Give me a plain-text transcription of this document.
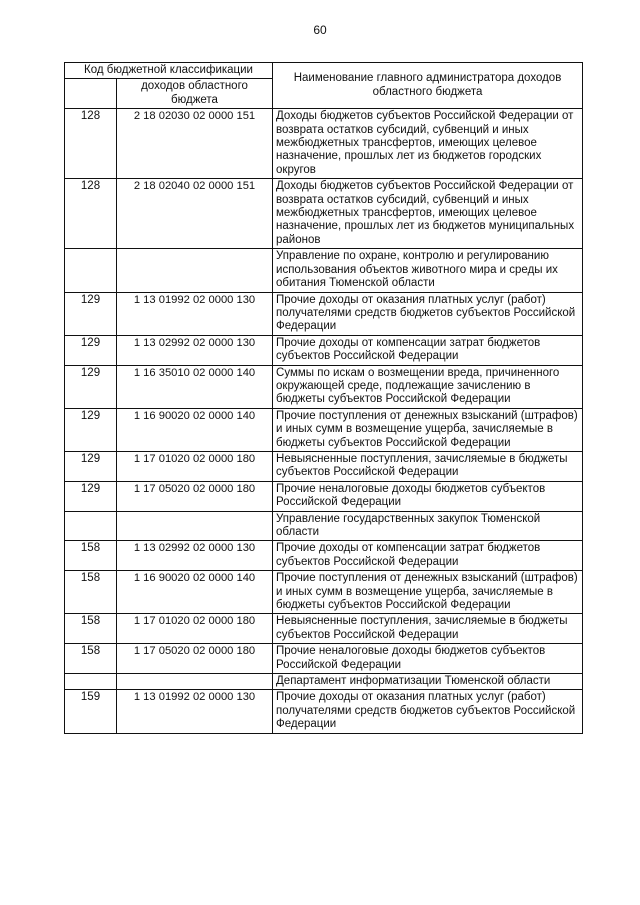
60
Код бюджетной классификации		Наименование главного администратора доходов областного бюджета
	доходов областного бюджета	
128	2 18 02030 02 0000 151	Доходы бюджетов субъектов Российской Федерации от возврата остатков субсидий, субвенций и иных межбюджетных трансфертов, имеющих целевое назначение, прошлых лет из бюджетов городских округов
128	2 18 02040 02 0000 151	Доходы бюджетов субъектов Российской Федерации от возврата остатков субсидий, субвенций и иных межбюджетных трансфертов, имеющих целевое назначение, прошлых лет из бюджетов муниципальных районов
		Управление по охране, контролю и регулированию использования объектов животного мира и среды их обитания Тюменской области
129	1 13 01992 02 0000 130	Прочие доходы от оказания платных услуг (работ) получателями средств бюджетов субъектов Российской Федерации
129	1 13 02992 02 0000 130	Прочие доходы от компенсации затрат бюджетов субъектов Российской Федерации
129	1 16 35010 02 0000 140	Суммы по искам о возмещении вреда, причиненного окружающей среде, подлежащие зачислению в бюджеты субъектов Российской Федерации
129	1 16 90020 02 0000 140	Прочие поступления от денежных взысканий (штрафов) и иных сумм в возмещение ущерба, зачисляемые в бюджеты субъектов Российской Федерации
129	1 17 01020 02 0000 180	Невыясненные поступления, зачисляемые в бюджеты субъектов Российской Федерации
129	1 17 05020 02 0000 180	Прочие неналоговые доходы бюджетов субъектов Российской Федерации
		Управление государственных закупок Тюменской области
158	1 13 02992 02 0000 130	Прочие доходы от компенсации затрат бюджетов субъектов Российской Федерации
158	1 16 90020 02 0000 140	Прочие поступления от денежных взысканий (штрафов) и иных сумм в возмещение ущерба, зачисляемые в бюджеты субъектов Российской Федерации
158	1 17 01020 02 0000 180	Невыясненные поступления, зачисляемые в бюджеты субъектов Российской Федерации
158	1 17 05020 02 0000 180	Прочие неналоговые доходы бюджетов субъектов Российской Федерации
		Департамент информатизации Тюменской области
159	1 13 01992 02 0000 130	Прочие доходы от оказания платных услуг (работ) получателями средств бюджетов субъектов Российской Федерации
